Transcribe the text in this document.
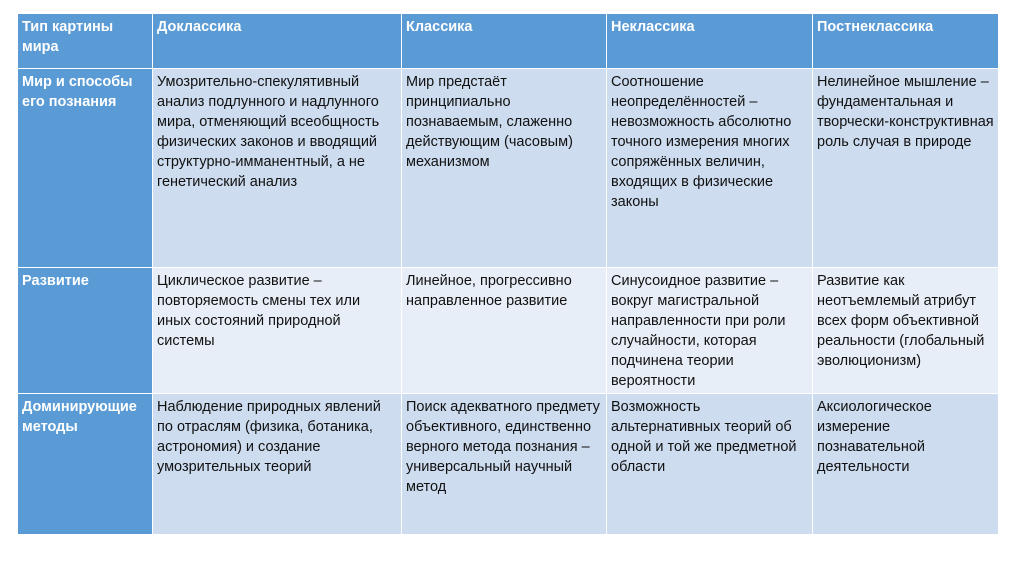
Тип картины мира	Доклассика	Классика	Неклассика	Постнеклассика
Мир и способы его познания	Умозрительно-спекулятивный анализ подлунного и надлунного мира, отменяющий всеобщность физических законов и вводящий структурно-имманентный, а не генетический анализ	Мир предстаёт принципиально познаваемым, слаженно действующим (часовым) механизмом	Соотношение неопределённостей – невозможность абсолютно точного измерения многих сопряжённых величин, входящих в физические законы	Нелинейное мышление – фундаментальная и творчески-конструктивная роль случая в природе
Развитие	Циклическое развитие – повторяемость смены тех или иных состояний природной системы	Линейное, прогрессивно направленное развитие	Синусоидное развитие – вокруг магистральной направленности при роли случайности, которая подчинена теории вероятности	Развитие как неотъемлемый атрибут всех форм объективной реальности (глобальный эволюционизм)
Доминирующие методы	Наблюдение природных явлений по отраслям (физика, ботаника, астрономия) и создание умозрительных теорий	Поиск адекватного предмету объективного, единственно верного метода познания – универсальный научный метод	Возможность альтернативных теорий об одной и той же предметной области	Аксиологическое измерение познавательной деятельности
